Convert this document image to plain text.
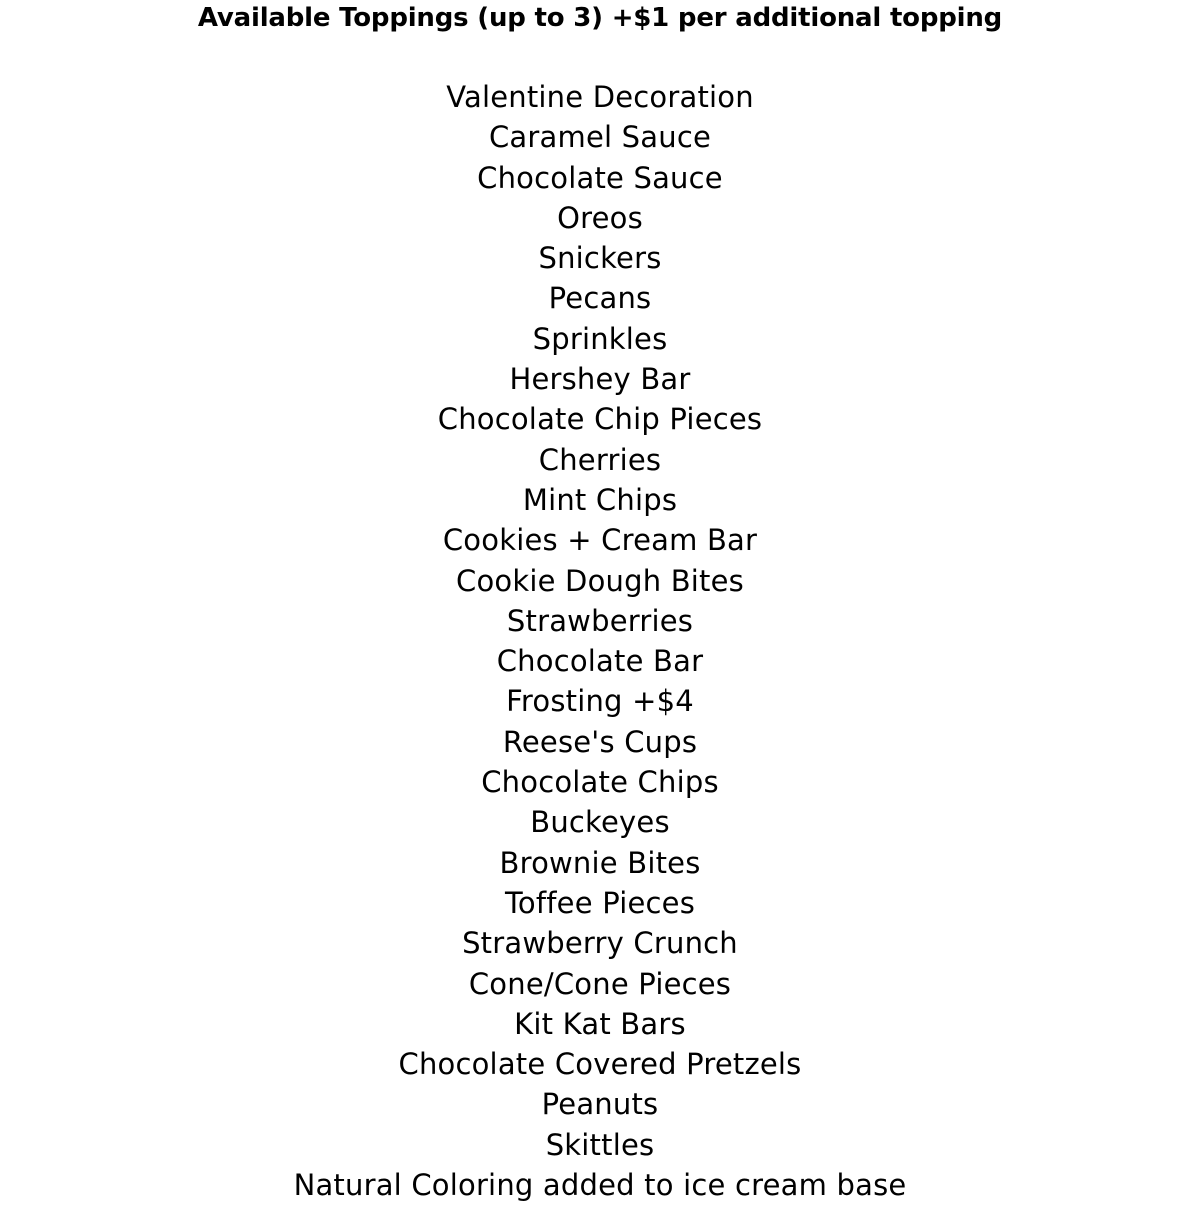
Available Toppings (up to 3) +$1 per additional topping
Valentine Decoration
Caramel Sauce
Chocolate Sauce
Oreos
Snickers
Pecans
Sprinkles
Hershey Bar
Chocolate Chip Pieces
Cherries
Mint Chips
Cookies + Cream Bar
Cookie Dough Bites
Strawberries
Chocolate Bar
Frosting +$4
Reese's Cups
Chocolate Chips
Buckeyes
Brownie Bites
Toffee Pieces
Strawberry Crunch
Cone/Cone Pieces
Kit Kat Bars
Chocolate Covered Pretzels
Peanuts
Skittles
Natural Coloring added to ice cream base
